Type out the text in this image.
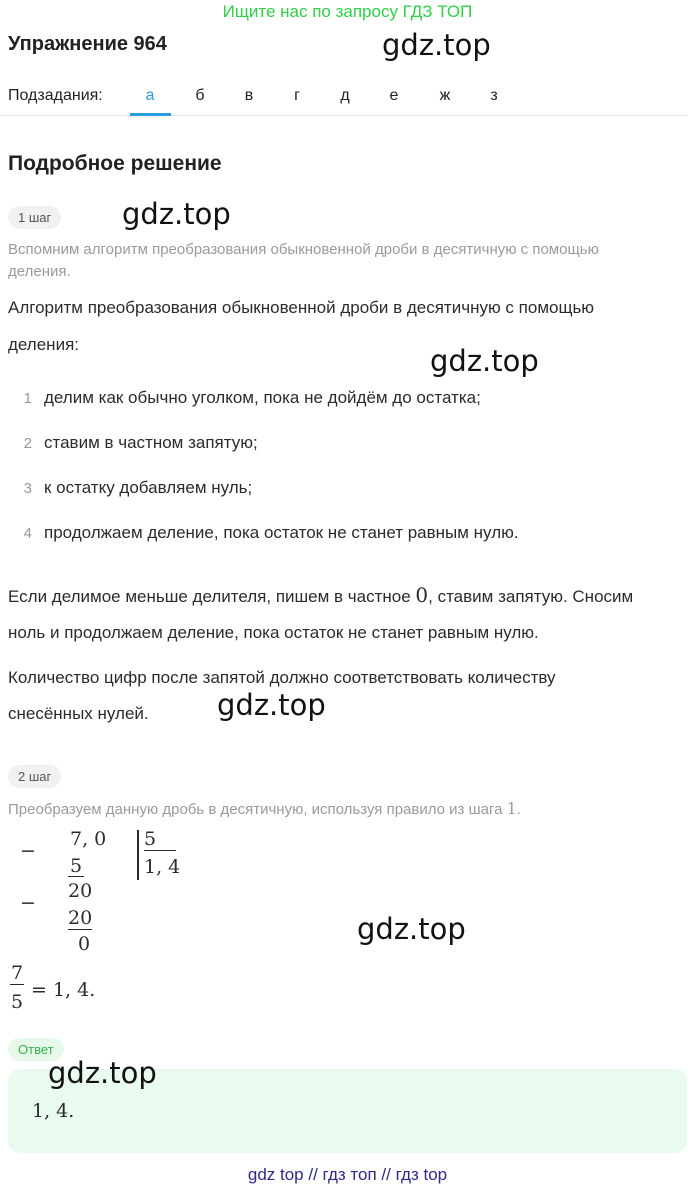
Ищите нас по запросу ГДЗ ТОП
Упражнение 964	gdz.top
Подзадания:	а	б	в	г	д	е	ж	з
Подробное решение
1 шаг	gdz.top
Вспомним алгоритм преобразования обыкновенной дроби в десятичную с помощью
деления.
Алгоритм преобразования обыкновенной дроби в десятичную с помощью
деления:	gdz.top
1 делим как обычно уголком, пока не дойдём до остатка;
2 ставим в частном запятую;
3 к остатку добавляем нуль;
4 продолжаем деление, пока остаток не станет равным нулю.
Если делимое меньше делителя, пишем в частное 0, ставим запятую. Сносим
ноль и продолжаем деление, пока остаток не станет равным нулю.
Количество цифр после запятой должно соответствовать количеству
снесённых нулей. gdz.top
2 шаг
Преобразуем данную дробь в десятичную, используя правило из шага 1.
−
7, 0
5
5
1, 4
−
20
20
0	gdz.top
7
5
= 1, 4.
Ответ
gdz.top
1, 4.
gdz top // гдз топ // гдз top
